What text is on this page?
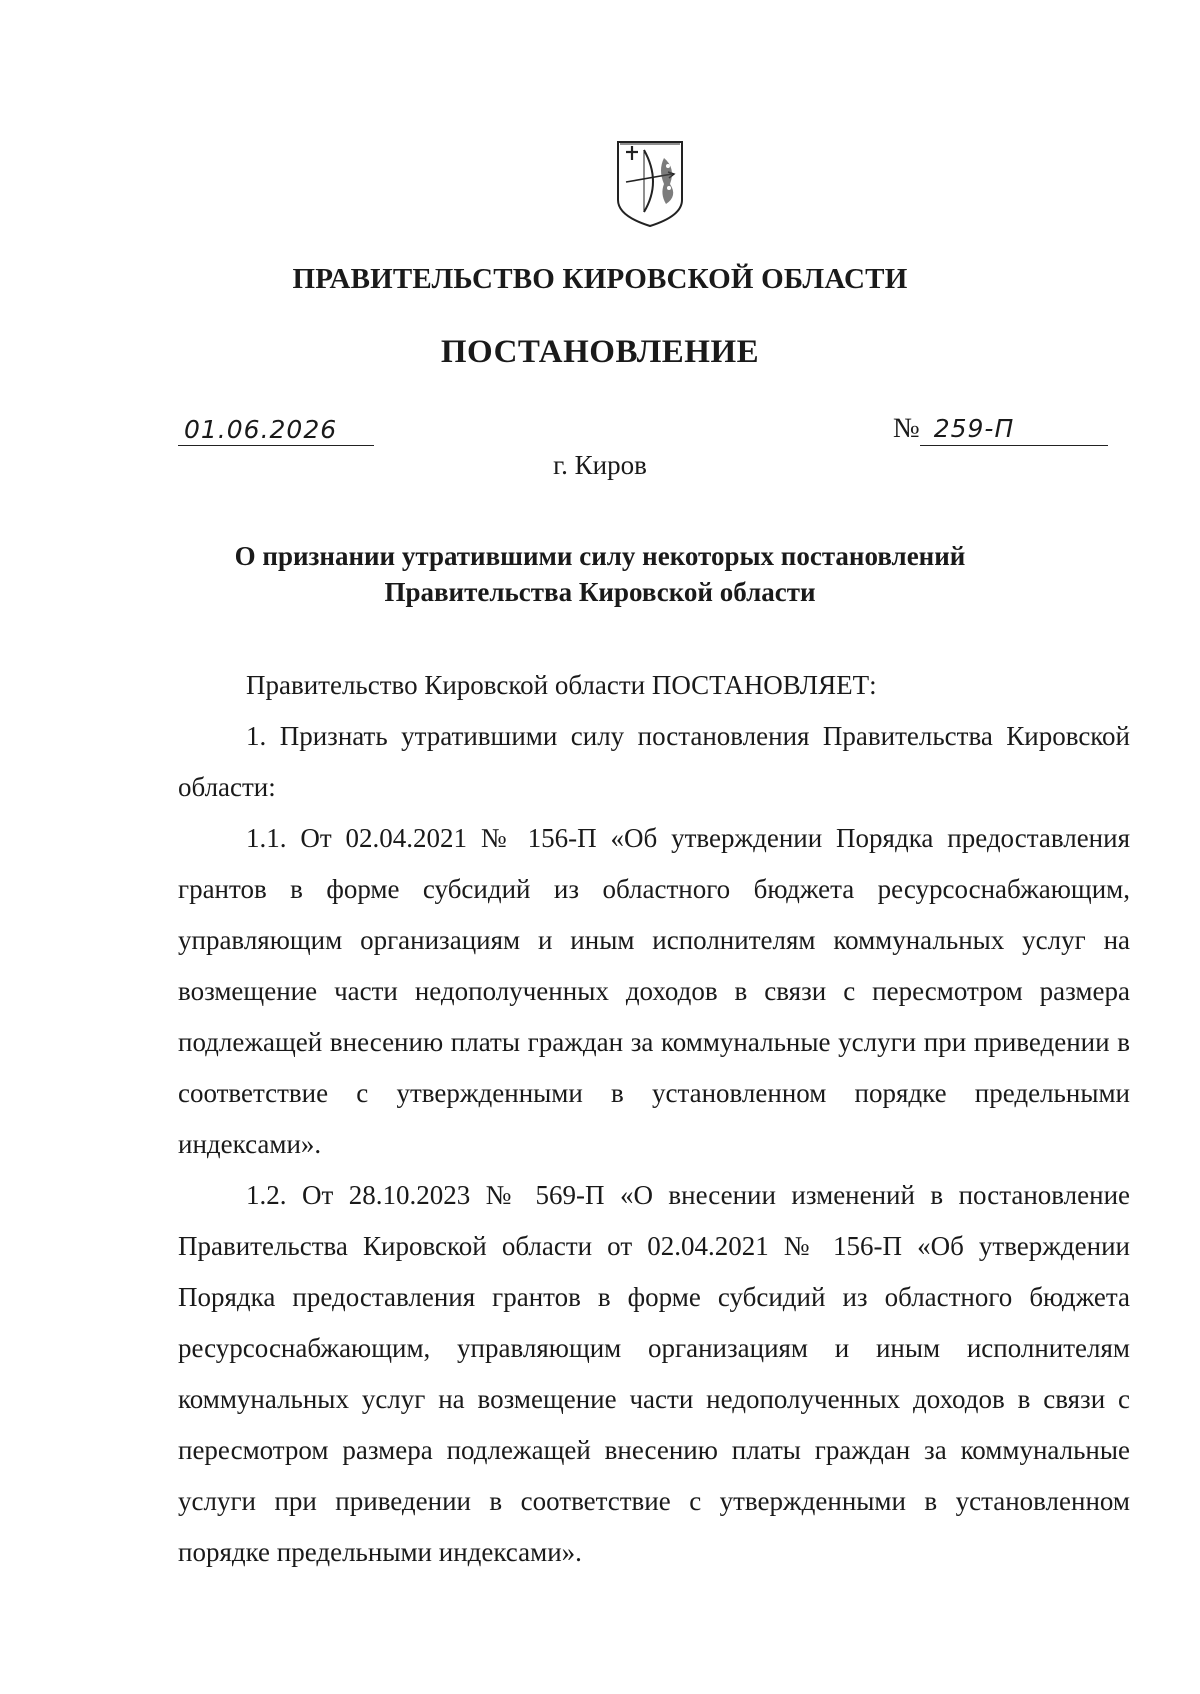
ПРАВИТЕЛЬСТВО КИРОВСКОЙ ОБЛАСТИ
ПОСТАНОВЛЕНИЕ
01.06.2026	№ 259-П
г. Киров
О признании утратившими силу некоторых постановлений
Правительства Кировской области

Правительство Кировской области ПОСТАНОВЛЯЕТ:

1. Признать утратившими силу постановления Правительства Кировской области:

1.1. От 02.04.2021 № 156-П «Об утверждении Порядка предоставления грантов в форме субсидий из областного бюджета ресурсоснабжающим, управляющим организациям и иным исполнителям коммунальных услуг на возмещение части недополученных доходов в связи с пересмотром размера подлежащей внесению платы граждан за коммунальные услуги при приведении в соответствие с утвержденными в установленном порядке предельными индексами».

1.2. От 28.10.2023 № 569-П «О внесении изменений в постановление Правительства Кировской области от 02.04.2021 № 156-П «Об утверждении Порядка предоставления грантов в форме субсидий из областного бюджета ресурсоснабжающим, управляющим организациям и иным исполнителям коммунальных услуг на возмещение части недополученных доходов в связи с пересмотром размера подлежащей внесению платы граждан за коммунальные услуги при приведении в соответствие с утвержденными в установленном порядке предельными индексами».
